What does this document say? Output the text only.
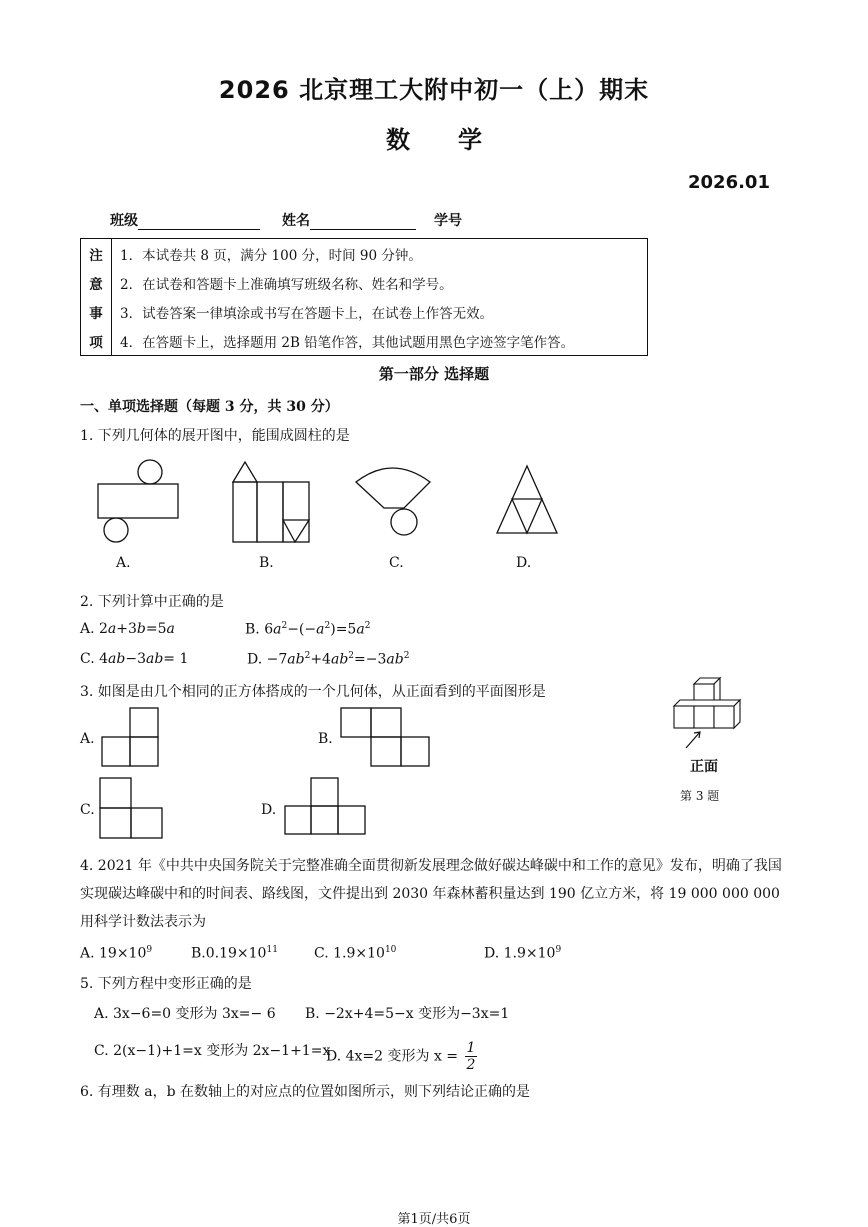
2026 北京理工大附中初一（上）期末
数　　学
2026.01
班级	姓名	学号
注	1．本试卷共 8 页，满分 100 分，时间 90 分钟。
意	2．在试卷和答题卡上准确填写班级名称、姓名和学号。
事	3．试卷答案一律填涂或书写在答题卡上，在试卷上作答无效。
项	4．在答题卡上，选择题用 2B 铅笔作答，其他试题用黑色字迹签字笔作答。
第一部分 选择题
一、单项选择题（每题 3 分，共 30 分）
1. 下列几何体的展开图中，能围成圆柱的是
A.	B.	C.	D.
2. 下列计算中正确的是
A. 2a+3b=5a	B. $6a^2-(-a^2)=5a^2$
C. 4ab−3ab= 1	D. $-7ab^2+4ab^2=-3ab^2$
3. 如图是由几个相同的正方体搭成的一个几何体，从正面看到的平面图形是
A.	B.
C.	D.
正面
第 3 题
4. 2021 年《中共中央国务院关于完整准确全面贯彻新发展理念做好碳达峰碳中和工作的意见》发布，明确了我国实现碳达峰碳中和的时间表、路线图，文件提出到 2030 年森林蓄积量达到 190 亿立方米，将 19 000 000 000 用科学计数法表示为
A. $19\times 10^9$	$B.0.19\times 10^{11}$	C. $1.9\times 10^{10}$	D. $1.9\times 10^9$
5. 下列方程中变形正确的是
A. 3x−6=0 变形为 3x=− 6 B. −2x+4=5−x 变形为−3x=1
C. 2(x−1)+1=x 变形为 2x−1+1=x
D. 4x=2 变形为 $x = \frac{1}{2}$
6. 有理数 a，b 在数轴上的对应点的位置如图所示，则下列结论正确的是
第1页/共6页
